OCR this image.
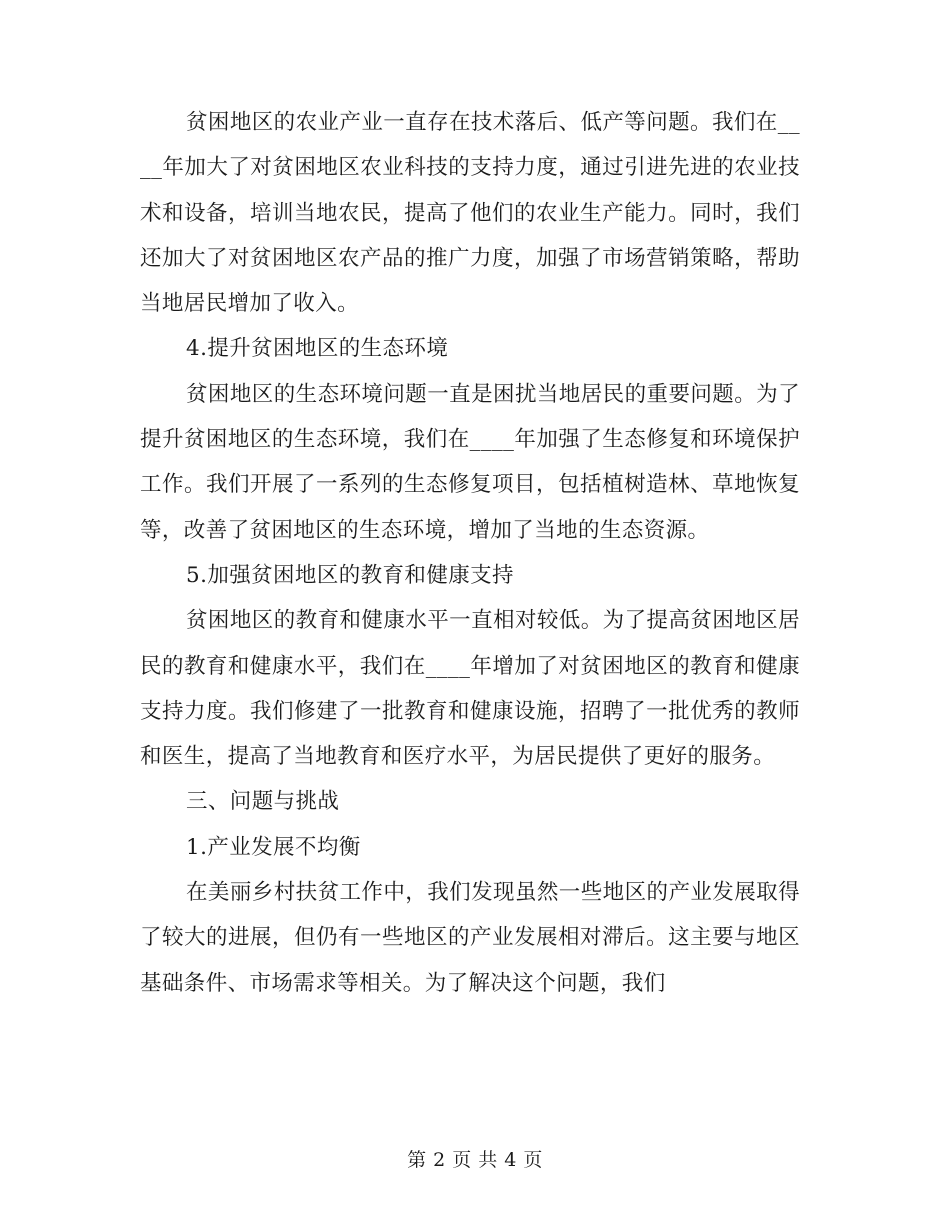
贫困地区的农业产业一直存在技术落后、低产等问题。我们在____年加大了对贫困地区农业科技的支持力度，通过引进先进的农业技术和设备，培训当地农民，提高了他们的农业生产能力。同时，我们还加大了对贫困地区农产品的推广力度，加强了市场营销策略，帮助当地居民增加了收入。

4.提升贫困地区的生态环境

贫困地区的生态环境问题一直是困扰当地居民的重要问题。为了提升贫困地区的生态环境，我们在____年加强了生态修复和环境保护工作。我们开展了一系列的生态修复项目，包括植树造林、草地恢复等，改善了贫困地区的生态环境，增加了当地的生态资源。

5.加强贫困地区的教育和健康支持

贫困地区的教育和健康水平一直相对较低。为了提高贫困地区居民的教育和健康水平，我们在____年增加了对贫困地区的教育和健康支持力度。我们修建了一批教育和健康设施，招聘了一批优秀的教师和医生，提高了当地教育和医疗水平，为居民提供了更好的服务。

三、问题与挑战

1.产业发展不均衡

在美丽乡村扶贫工作中，我们发现虽然一些地区的产业发展取得了较大的进展，但仍有一些地区的产业发展相对滞后。这主要与地区基础条件、市场需求等相关。为了解决这个问题，我们

第 2 页 共 4 页
